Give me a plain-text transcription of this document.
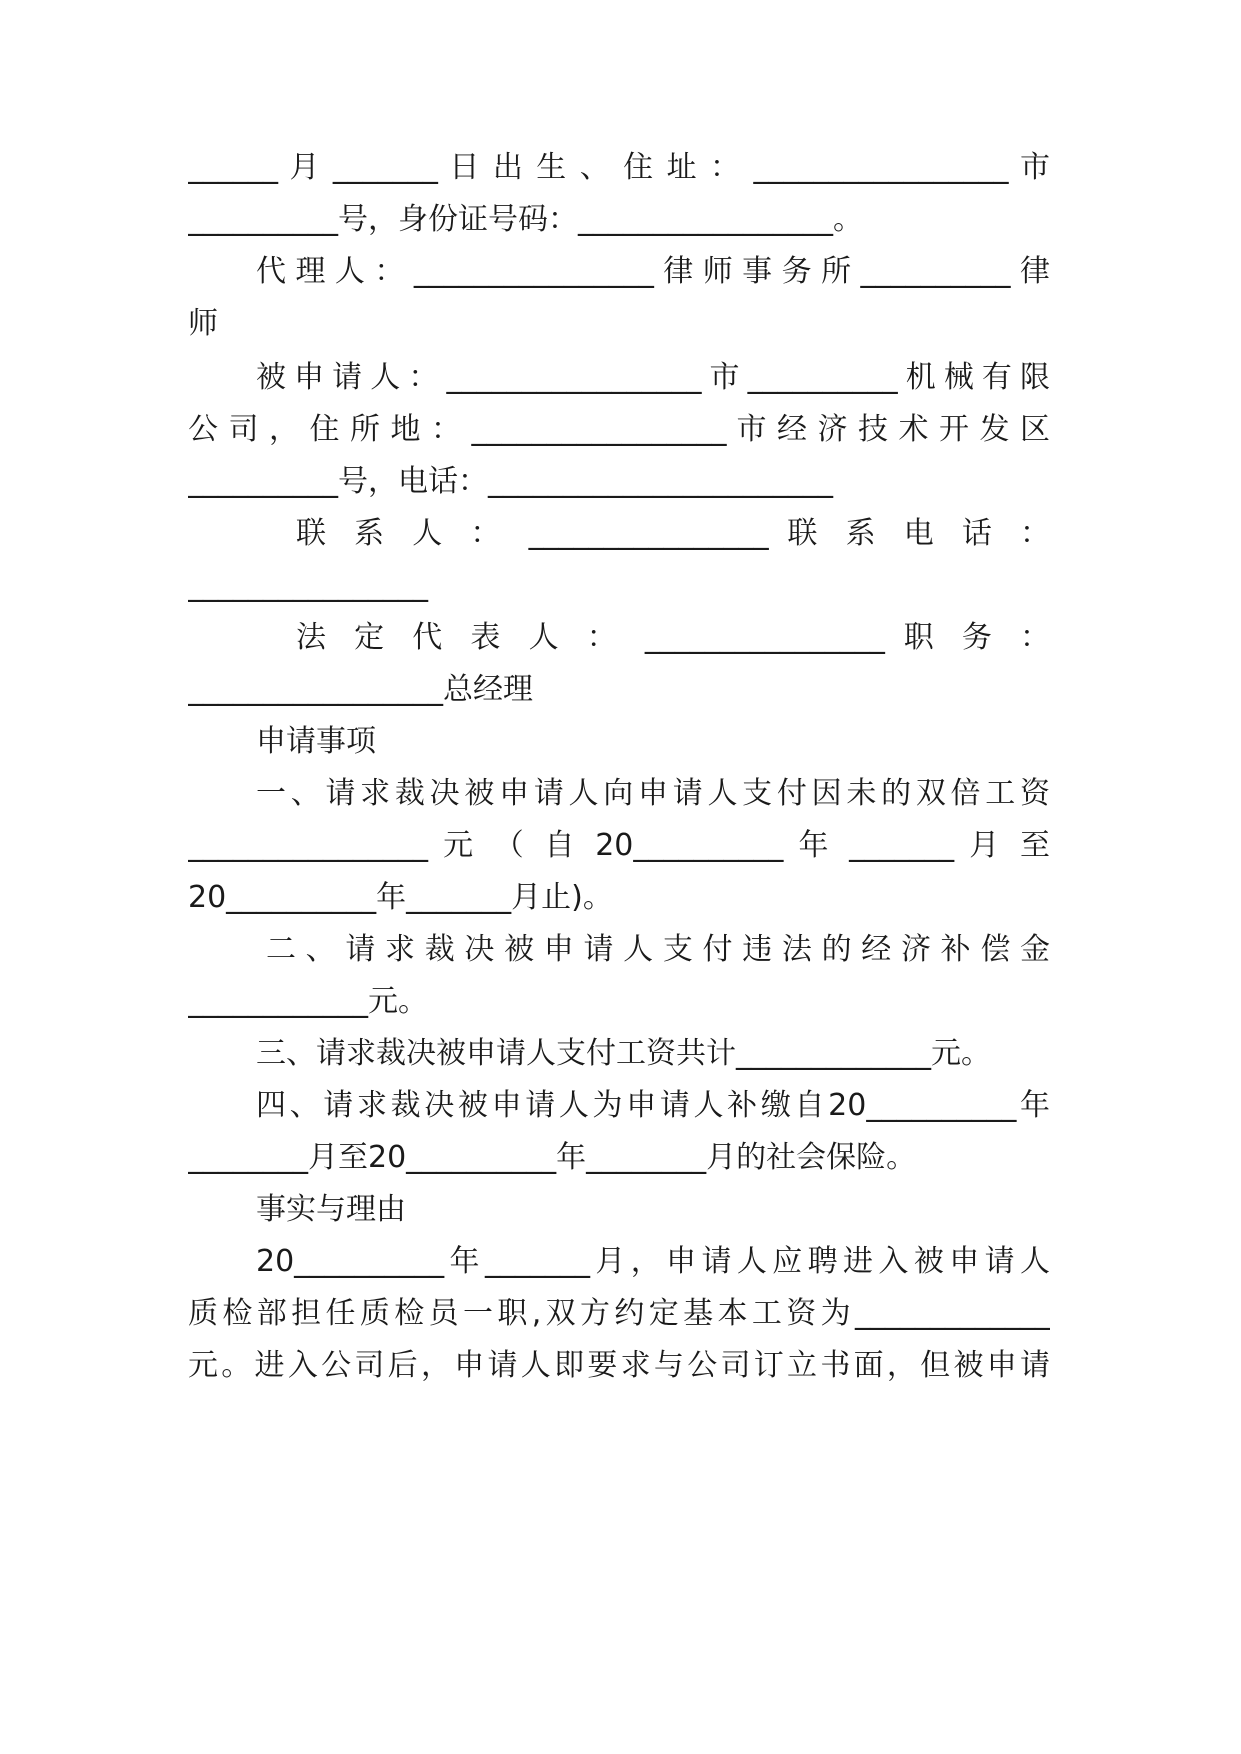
______ 月 _______ 日 出 生 、 住 址 ： _________________ 市
__________号，身份证号码：_________________。
代理人：________________律师事务所__________律
师
被申请人：_________________市__________机械有限
公 司 ， 住 所 地 ： _________________ 市 经 济 技 术 开 发 区
__________号，电话：_______________________
联 系 人 ： ________________ 联 系 电 话 ：
________________
法 定 代 表 人 ： ________________ 职 务 ：
_________________总经理
申请事项
一、请求裁决被申请人向申请人支付因未的双倍工资
________________ 元 （ 自 20__________ 年 _______ 月 至
20__________年_______月止)。
二、请求裁决被申请人支付违法的经济补偿金
____________元。
三、请求裁决被申请人支付工资共计_____________元。
四、请求裁决被申请人为申请人补缴自20__________年
________月至20__________年________月的社会保险。
事实与理由
20__________年_______月，申请人应聘进入被申请人
质检部担任质检员一职,双方约定基本工资为_____________
元。进入公司后，申请人即要求与公司订立书面，但被申请
